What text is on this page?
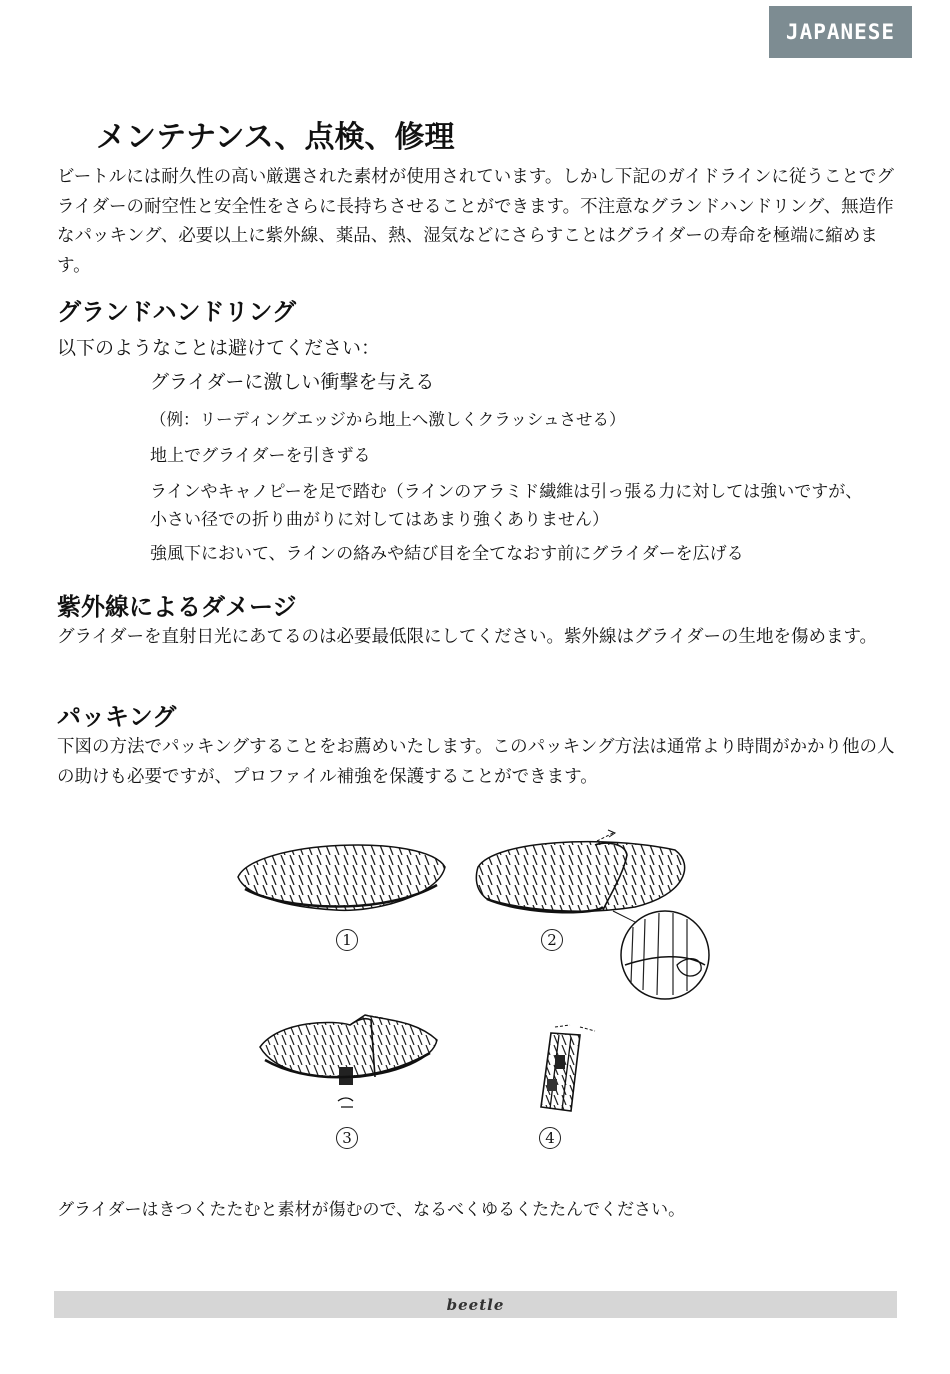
JAPANESE
メンテナンス、点検、修理

ビートルには耐久性の高い厳選された素材が使用されています。しかし下記のガイドラインに従うことでグライダーの耐空性と安全性をさらに長持ちさせることができます。不注意なグランドハンドリング、無造作なパッキング、必要以上に紫外線、薬品、熱、湿気などにさらすことはグライダーの寿命を極端に縮めます。

グランドハンドリング

以下のようなことは避けてください：

グライダーに激しい衝撃を与える

（例：リーディングエッジから地上へ激しくクラッシュさせる）

地上でグライダーを引きずる

ラインやキャノピーを足で踏む（ラインのアラミド繊維は引っ張る力に対しては強いですが、

小さい径での折り曲がりに対してはあまり強くありません）

強風下において、ラインの絡みや結び目を全てなおす前にグライダーを広げる

紫外線によるダメージ

グライダーを直射日光にあてるのは必要最低限にしてください。紫外線はグライダーの生地を傷めます。

パッキング

下図の方法でパッキングすることをお薦めいたします。このパッキング方法は通常より時間がかかり他の人の助けも必要ですが、プロファイル補強を保護することができます。

1	2
3	4

グライダーはきつくたたむと素材が傷むので、なるべくゆるくたたんでください。

beetle
